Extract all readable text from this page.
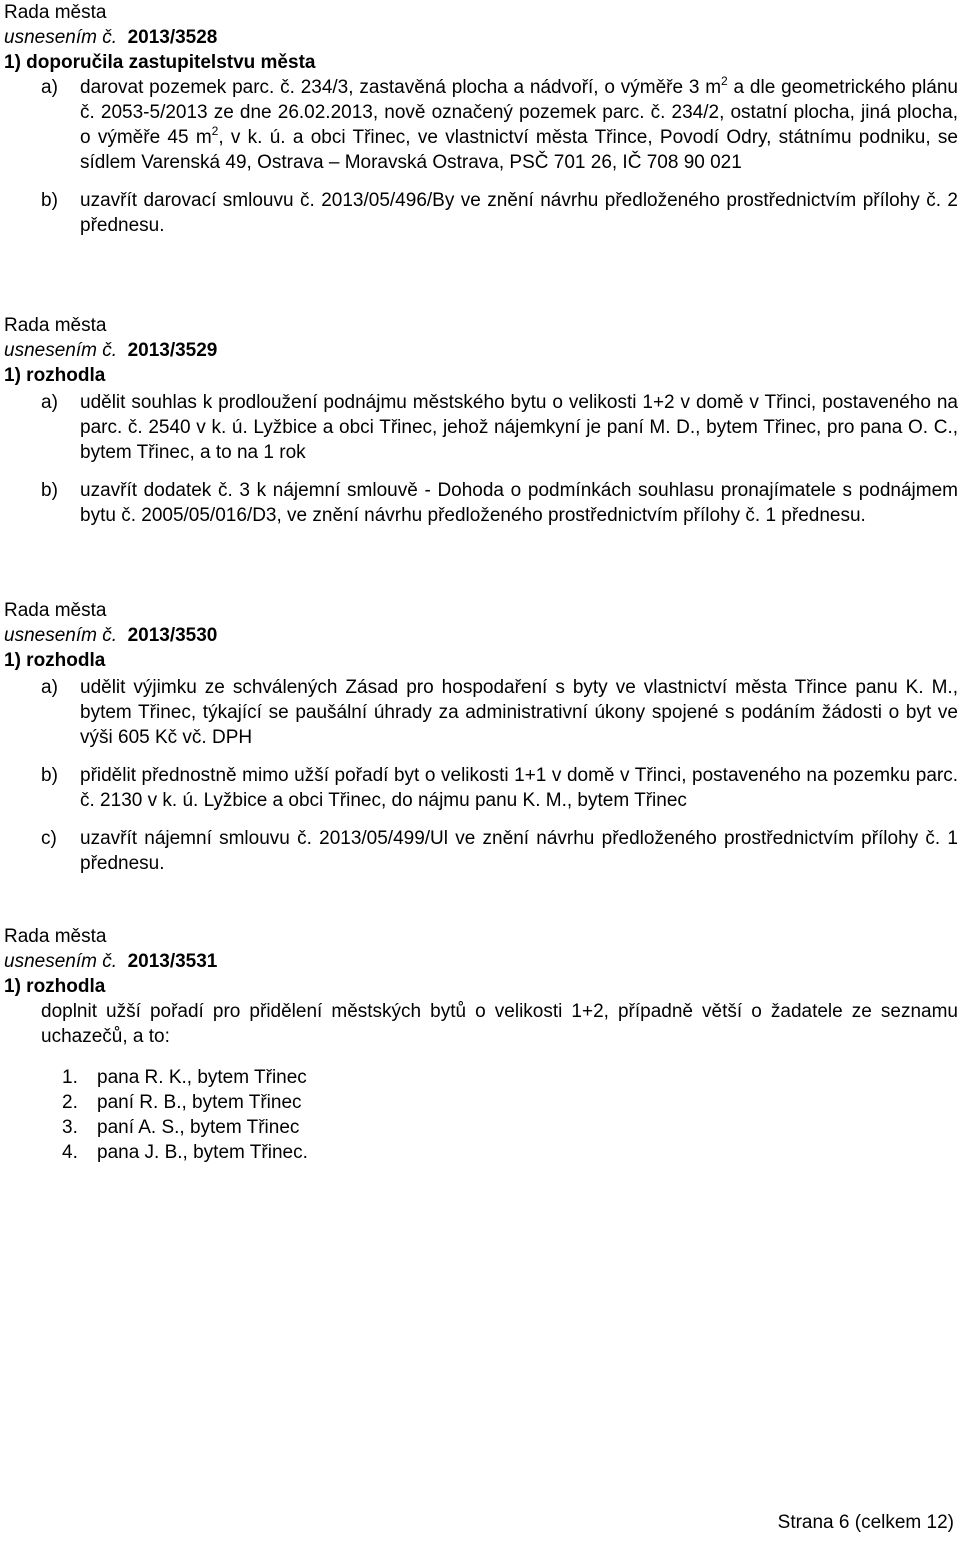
Rada města
usnesením č. 2013/3528
1) doporučila zastupitelstvu města
a)	darovat pozemek parc. č. 234/3, zastavěná plocha a nádvoří, o výměře 3 $m^2$ a dle geometrického plánu č. 2053-5/2013 ze dne 26.02.2013, nově označený pozemek parc. č. 234/2, ostatní plocha, jiná plocha, o výměře 45 $m^2$, v k. ú. a obci Třinec, ve vlastnictví města Třince, Povodí Odry, státnímu podniku, se sídlem Varenská 49, Ostrava – Moravská Ostrava, PSČ 701 26, IČ 708 90 021
b)	uzavřít darovací smlouvu č. 2013/05/496/By ve znění návrhu předloženého prostřednictvím přílohy č. 2 přednesu.
Rada města
usnesením č. 2013/3529
1) rozhodla
a)	udělit souhlas k prodloužení podnájmu městského bytu o velikosti 1+2 v domě v Třinci, postaveného na parc. č. 2540 v k. ú. Lyžbice a obci Třinec, jehož nájemkyní je paní M. D., bytem Třinec, pro pana O. C., bytem Třinec, a to na 1 rok
b)	uzavřít dodatek č. 3 k nájemní smlouvě - Dohoda o podmínkách souhlasu pronajímatele s podnájmem bytu č. 2005/05/016/D3, ve znění návrhu předloženého prostřednictvím přílohy č. 1 přednesu.
Rada města
usnesením č. 2013/3530
1) rozhodla
a)	udělit výjimku ze schválených Zásad pro hospodaření s byty ve vlastnictví města Třince panu K. M., bytem Třinec, týkající se paušální úhrady za administrativní úkony spojené s podáním žádosti o byt ve výši 605 Kč vč. DPH
b)	přidělit přednostně mimo užší pořadí byt o velikosti 1+1 v domě v Třinci, postaveného na pozemku parc. č. 2130 v k. ú. Lyžbice a obci Třinec, do nájmu panu K. M., bytem Třinec
c)	uzavřít nájemní smlouvu č. 2013/05/499/Ul ve znění návrhu předloženého prostřednictvím přílohy č. 1 přednesu.
Rada města
usnesením č. 2013/3531
1) rozhodla
doplnit užší pořadí pro přidělení městských bytů o velikosti 1+2, případně větší o žadatele ze seznamu uchazečů, a to:
1.	pana R. K., bytem Třinec
2.	paní R. B., bytem Třinec
3.	paní A. S., bytem Třinec
4.	pana J. B., bytem Třinec.
Strana 6 (celkem 12)
